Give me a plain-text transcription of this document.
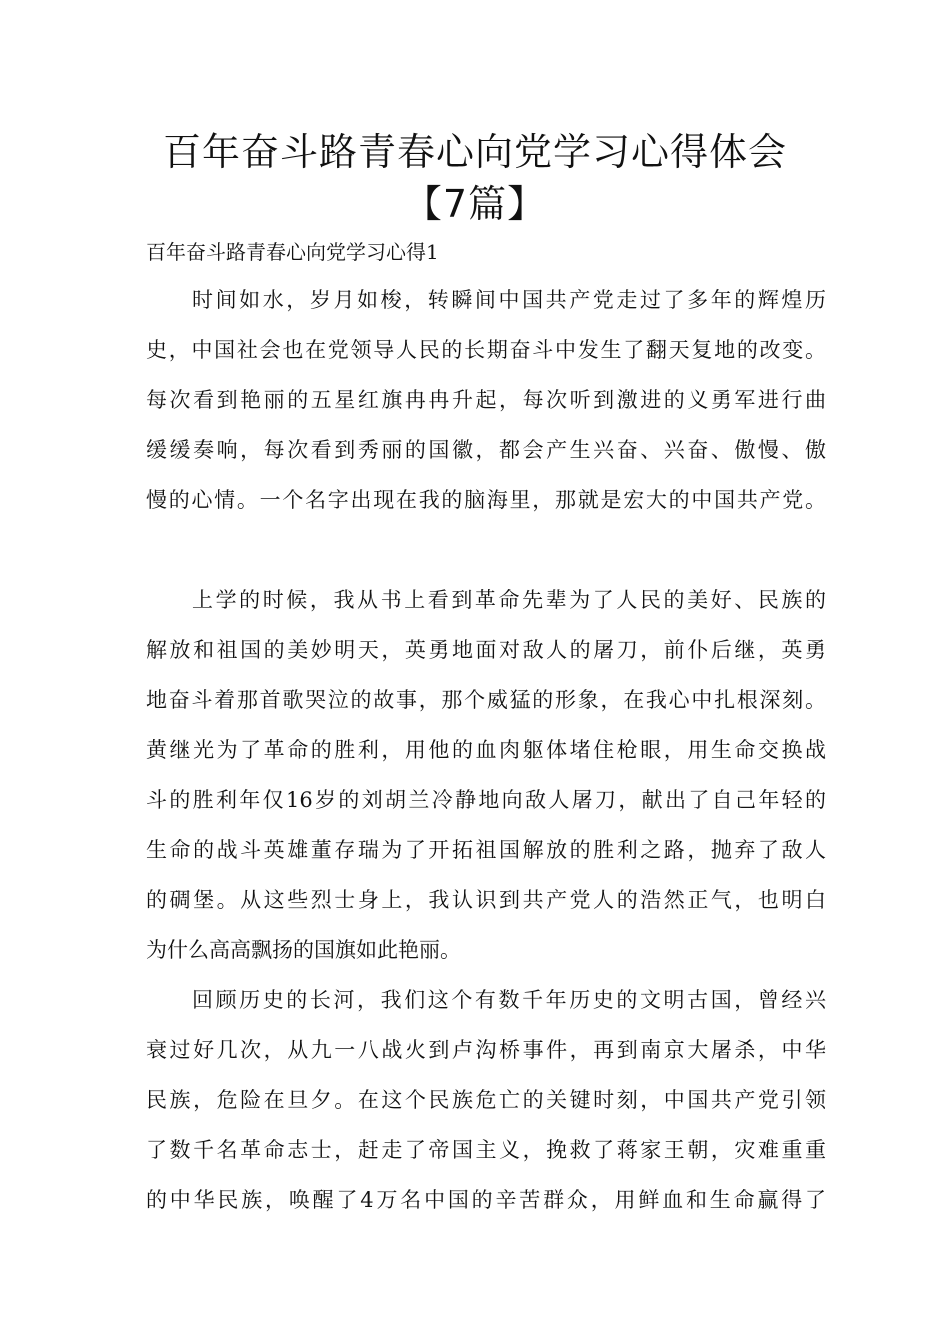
百年奋斗路青春心向党学习心得体会
【7篇】
百年奋斗路青春心向党学习心得1
时间如水，岁月如梭，转瞬间中国共产党走过了多年的辉煌历
史，中国社会也在党领导人民的长期奋斗中发生了翻天复地的改变。
每次看到艳丽的五星红旗冉冉升起，每次听到激进的义勇军进行曲
缓缓奏响，每次看到秀丽的国徽，都会产生兴奋、兴奋、傲慢、傲
慢的心情。一个名字出现在我的脑海里，那就是宏大的中国共产党。
上学的时候，我从书上看到革命先辈为了人民的美好、民族的
解放和祖国的美妙明天，英勇地面对敌人的屠刀，前仆后继，英勇
地奋斗着那首歌哭泣的故事，那个威猛的形象，在我心中扎根深刻。
黄继光为了革命的胜利，用他的血肉躯体堵住枪眼，用生命交换战
斗的胜利年仅16岁的刘胡兰冷静地向敌人屠刀，献出了自己年轻的
生命的战斗英雄董存瑞为了开拓祖国解放的胜利之路，抛弃了敌人
的碉堡。从这些烈士身上，我认识到共产党人的浩然正气，也明白
为什么高高飘扬的国旗如此艳丽。
回顾历史的长河，我们这个有数千年历史的文明古国，曾经兴
衰过好几次，从九一八战火到卢沟桥事件，再到南京大屠杀，中华
民族，危险在旦夕。在这个民族危亡的关键时刻，中国共产党引领
了数千名革命志士，赶走了帝国主义，挽救了蒋家王朝，灾难重重
的中华民族，唤醒了4万名中国的辛苦群众，用鲜血和生命赢得了
